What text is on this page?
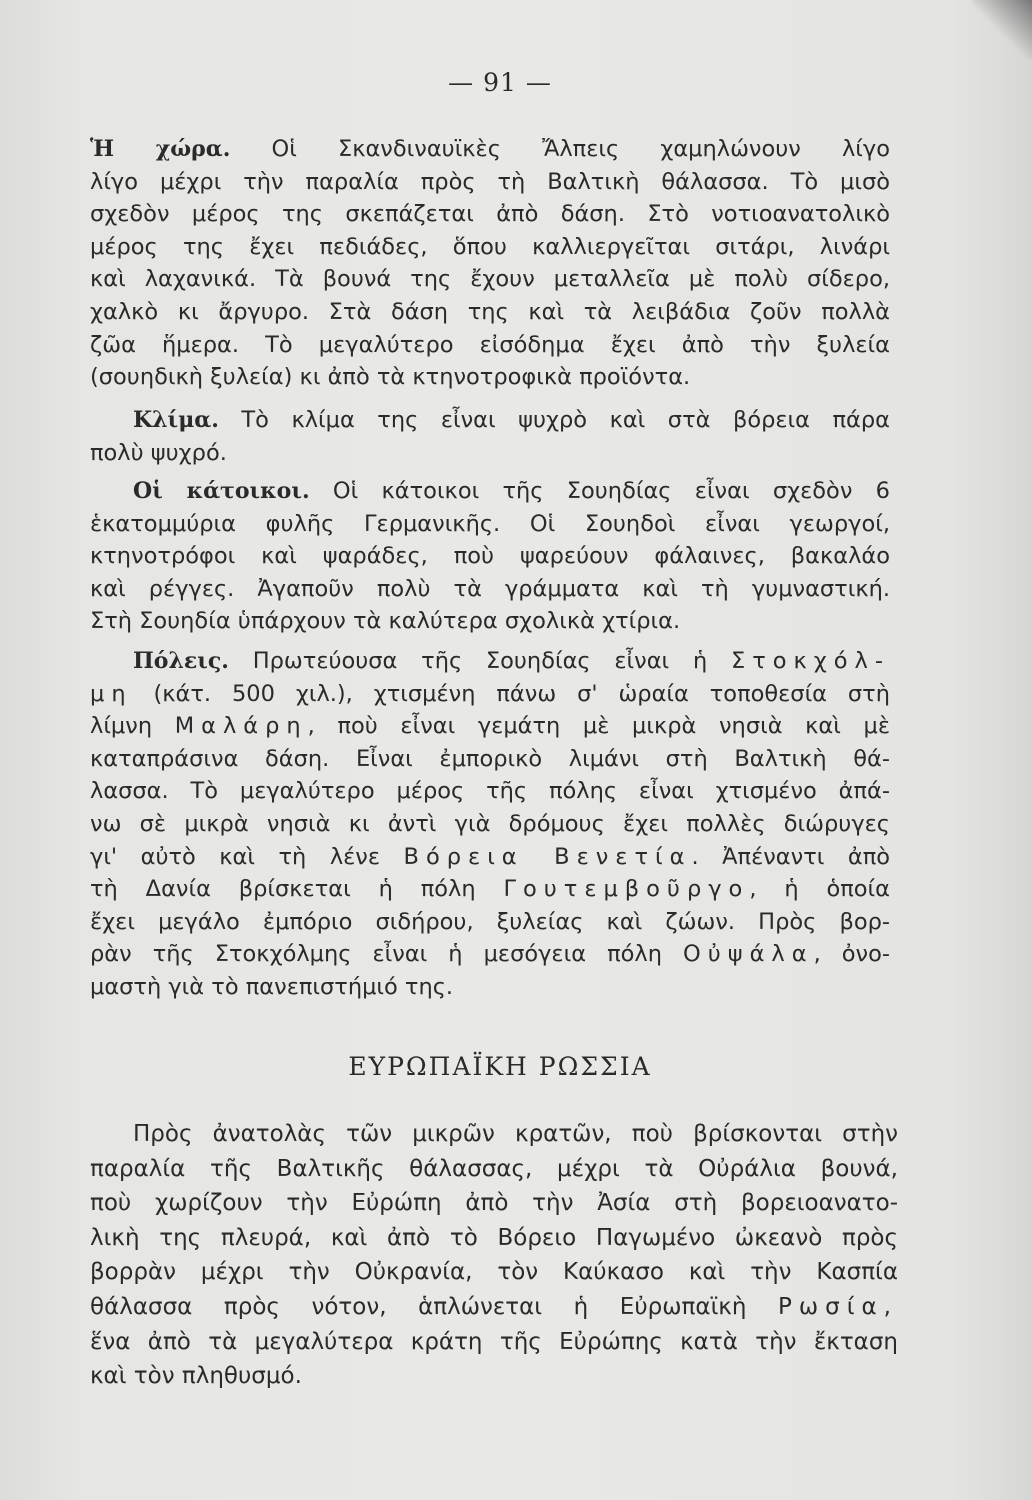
— 91 —
Ἡ χώρα. Οἱ Σκανδιναυϊκὲς Ἄλπεις χαμηλώνουν λίγο
λίγο μέχρι τὴν παραλία πρὸς τὴ Βαλτικὴ θάλασσα. Τὸ μισὸ
σχεδὸν μέρος της σκεπάζεται ἀπὸ δάση. Στὸ νοτιοανατολικὸ
μέρος της ἔχει πεδιάδες, ὅπου καλλιεργεῖται σιτάρι, λινάρι
καὶ λαχανικά. Τὰ βουνά της ἔχουν μεταλλεῖα μὲ πολὺ σίδερο,
χαλκὸ κι ἄργυρο. Στὰ δάση της καὶ τὰ λειβάδια ζοῦν πολλὰ
ζῶα ἥμερα. Τὸ μεγαλύτερο εἰσόδημα ἔχει ἀπὸ τὴν ξυλεία
(σουηδικὴ ξυλεία) κι ἀπὸ τὰ κτηνοτροφικὰ προϊόντα.
Κλίμα. Τὸ κλίμα της εἶναι ψυχρὸ καὶ στὰ βόρεια πάρα
πολὺ ψυχρό.
Οἱ κάτοικοι. Οἱ κάτοικοι τῆς Σουηδίας εἶναι σχεδὸν 6
ἑκατομμύρια φυλῆς Γερμανικῆς. Οἱ Σουηδοὶ εἶναι γεωργοί,
κτηνοτρόφοι καὶ ψαράδες, ποὺ ψαρεύουν φάλαινες, βακαλάο
καὶ ρέγγες. Ἀγαποῦν πολὺ τὰ γράμματα καὶ τὴ γυμναστική.
Στὴ Σουηδία ὑπάρχουν τὰ καλύτερα σχολικὰ χτίρια.
Πόλεις. Πρωτεύουσα τῆς Σουηδίας εἶναι ἡ Στοκχόλ-
μη (κάτ. 500 χιλ.), χτισμένη πάνω σ' ὡραία τοποθεσία στὴ
λίμνη Μαλάρη, ποὺ εἶναι γεμάτη μὲ μικρὰ νησιὰ καὶ μὲ
καταπράσινα δάση. Εἶναι ἐμπορικὸ λιμάνι στὴ Βαλτικὴ θά-
λασσα. Τὸ μεγαλύτερο μέρος τῆς πόλης εἶναι χτισμένο ἀπά-
νω σὲ μικρὰ νησιὰ κι ἀντὶ γιὰ δρόμους ἔχει πολλὲς διώρυγες
γι' αὐτὸ καὶ τὴ λένε Βόρεια Βενετία. Ἀπέναντι ἀπὸ
τὴ Δανία βρίσκεται ἡ πόλη Γουτεμβοῦργο, ἡ ὁποία
ἔχει μεγάλο ἐμπόριο σιδήρου, ξυλείας καὶ ζώων. Πρὸς βορ-
ρὰν τῆς Στοκχόλμης εἶναι ἡ μεσόγεια πόλη Οὐψάλα, ὀνο-
μαστὴ γιὰ τὸ πανεπιστήμιό της.
ΕΥΡΩΠΑΪΚΗ ΡΩΣΣΙΑ
Πρὸς ἀνατολὰς τῶν μικρῶν κρατῶν, ποὺ βρίσκονται στὴν
παραλία τῆς Βαλτικῆς θάλασσας, μέχρι τὰ Οὐράλια βουνά,
ποὺ χωρίζουν τὴν Εὐρώπη ἀπὸ τὴν Ἀσία στὴ βορειοανατο-
λικὴ της πλευρά, καὶ ἀπὸ τὸ Βόρειο Παγωμένο ὠκεανὸ πρὸς
βορρὰν μέχρι τὴν Οὐκρανία, τὸν Καύκασο καὶ τὴν Κασπία
θάλασσα πρὸς νότον, ἁπλώνεται ἡ Εὐρωπαϊκὴ Ρωσία,
ἕνα ἀπὸ τὰ μεγαλύτερα κράτη τῆς Εὐρώπης κατὰ τὴν ἔκταση
καὶ τὸν πληθυσμό.
